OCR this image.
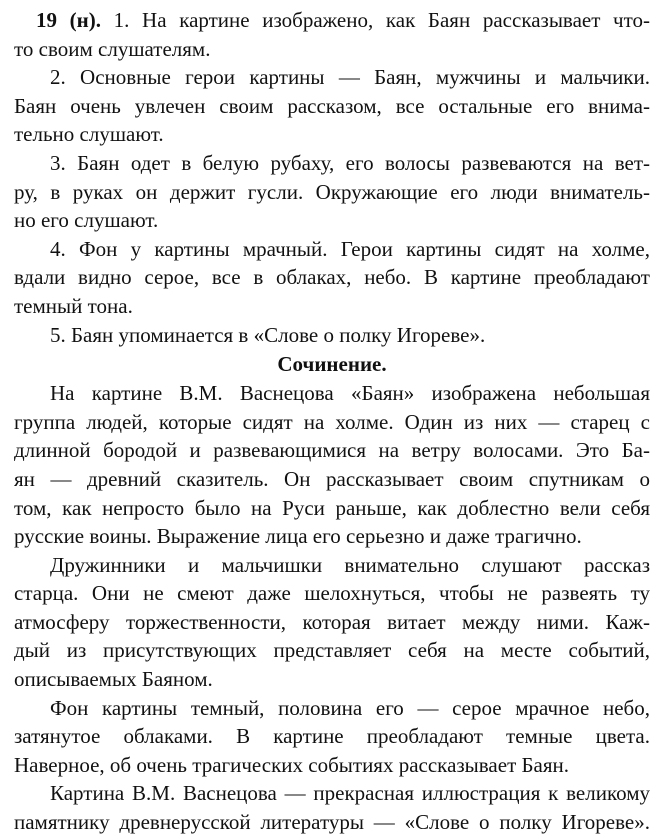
19 (н). 1. На картине изображено, как Баян рассказывает что-
то своим слушателям.
2. Основные герои картины — Баян, мужчины и мальчики.
Баян очень увлечен своим рассказом, все остальные его внима-
тельно слушают.
3. Баян одет в белую рубаху, его волосы развеваются на вет-
ру, в руках он держит гусли. Окружающие его люди вниматель-
но его слушают.
4. Фон у картины мрачный. Герои картины сидят на холме,
вдали видно серое, все в облаках, небо. В картине преобладают
темный тона.
5. Баян упоминается в «Слове о полку Игореве».
Сочинение.
На картине В.М. Васнецова «Баян» изображена небольшая
группа людей, которые сидят на холме. Один из них — старец с
длинной бородой и развевающимися на ветру волосами. Это Ба-
ян — древний сказитель. Он рассказывает своим спутникам о
том, как непросто было на Руси раньше, как доблестно вели себя
русские воины. Выражение лица его серьезно и даже трагично.
Дружинники и мальчишки внимательно слушают рассказ
старца. Они не смеют даже шелохнуться, чтобы не развеять ту
атмосферу торжественности, которая витает между ними. Каж-
дый из присутствующих представляет себя на месте событий,
описываемых Баяном.
Фон картины темный, половина его — серое мрачное небо,
затянутое облаками. В картине преобладают темные цвета.
Наверное, об очень трагических событиях рассказывает Баян.
Картина В.М. Васнецова — прекрасная иллюстрация к великому
памятнику древнерусской литературы — «Слове о полку Игореве».
